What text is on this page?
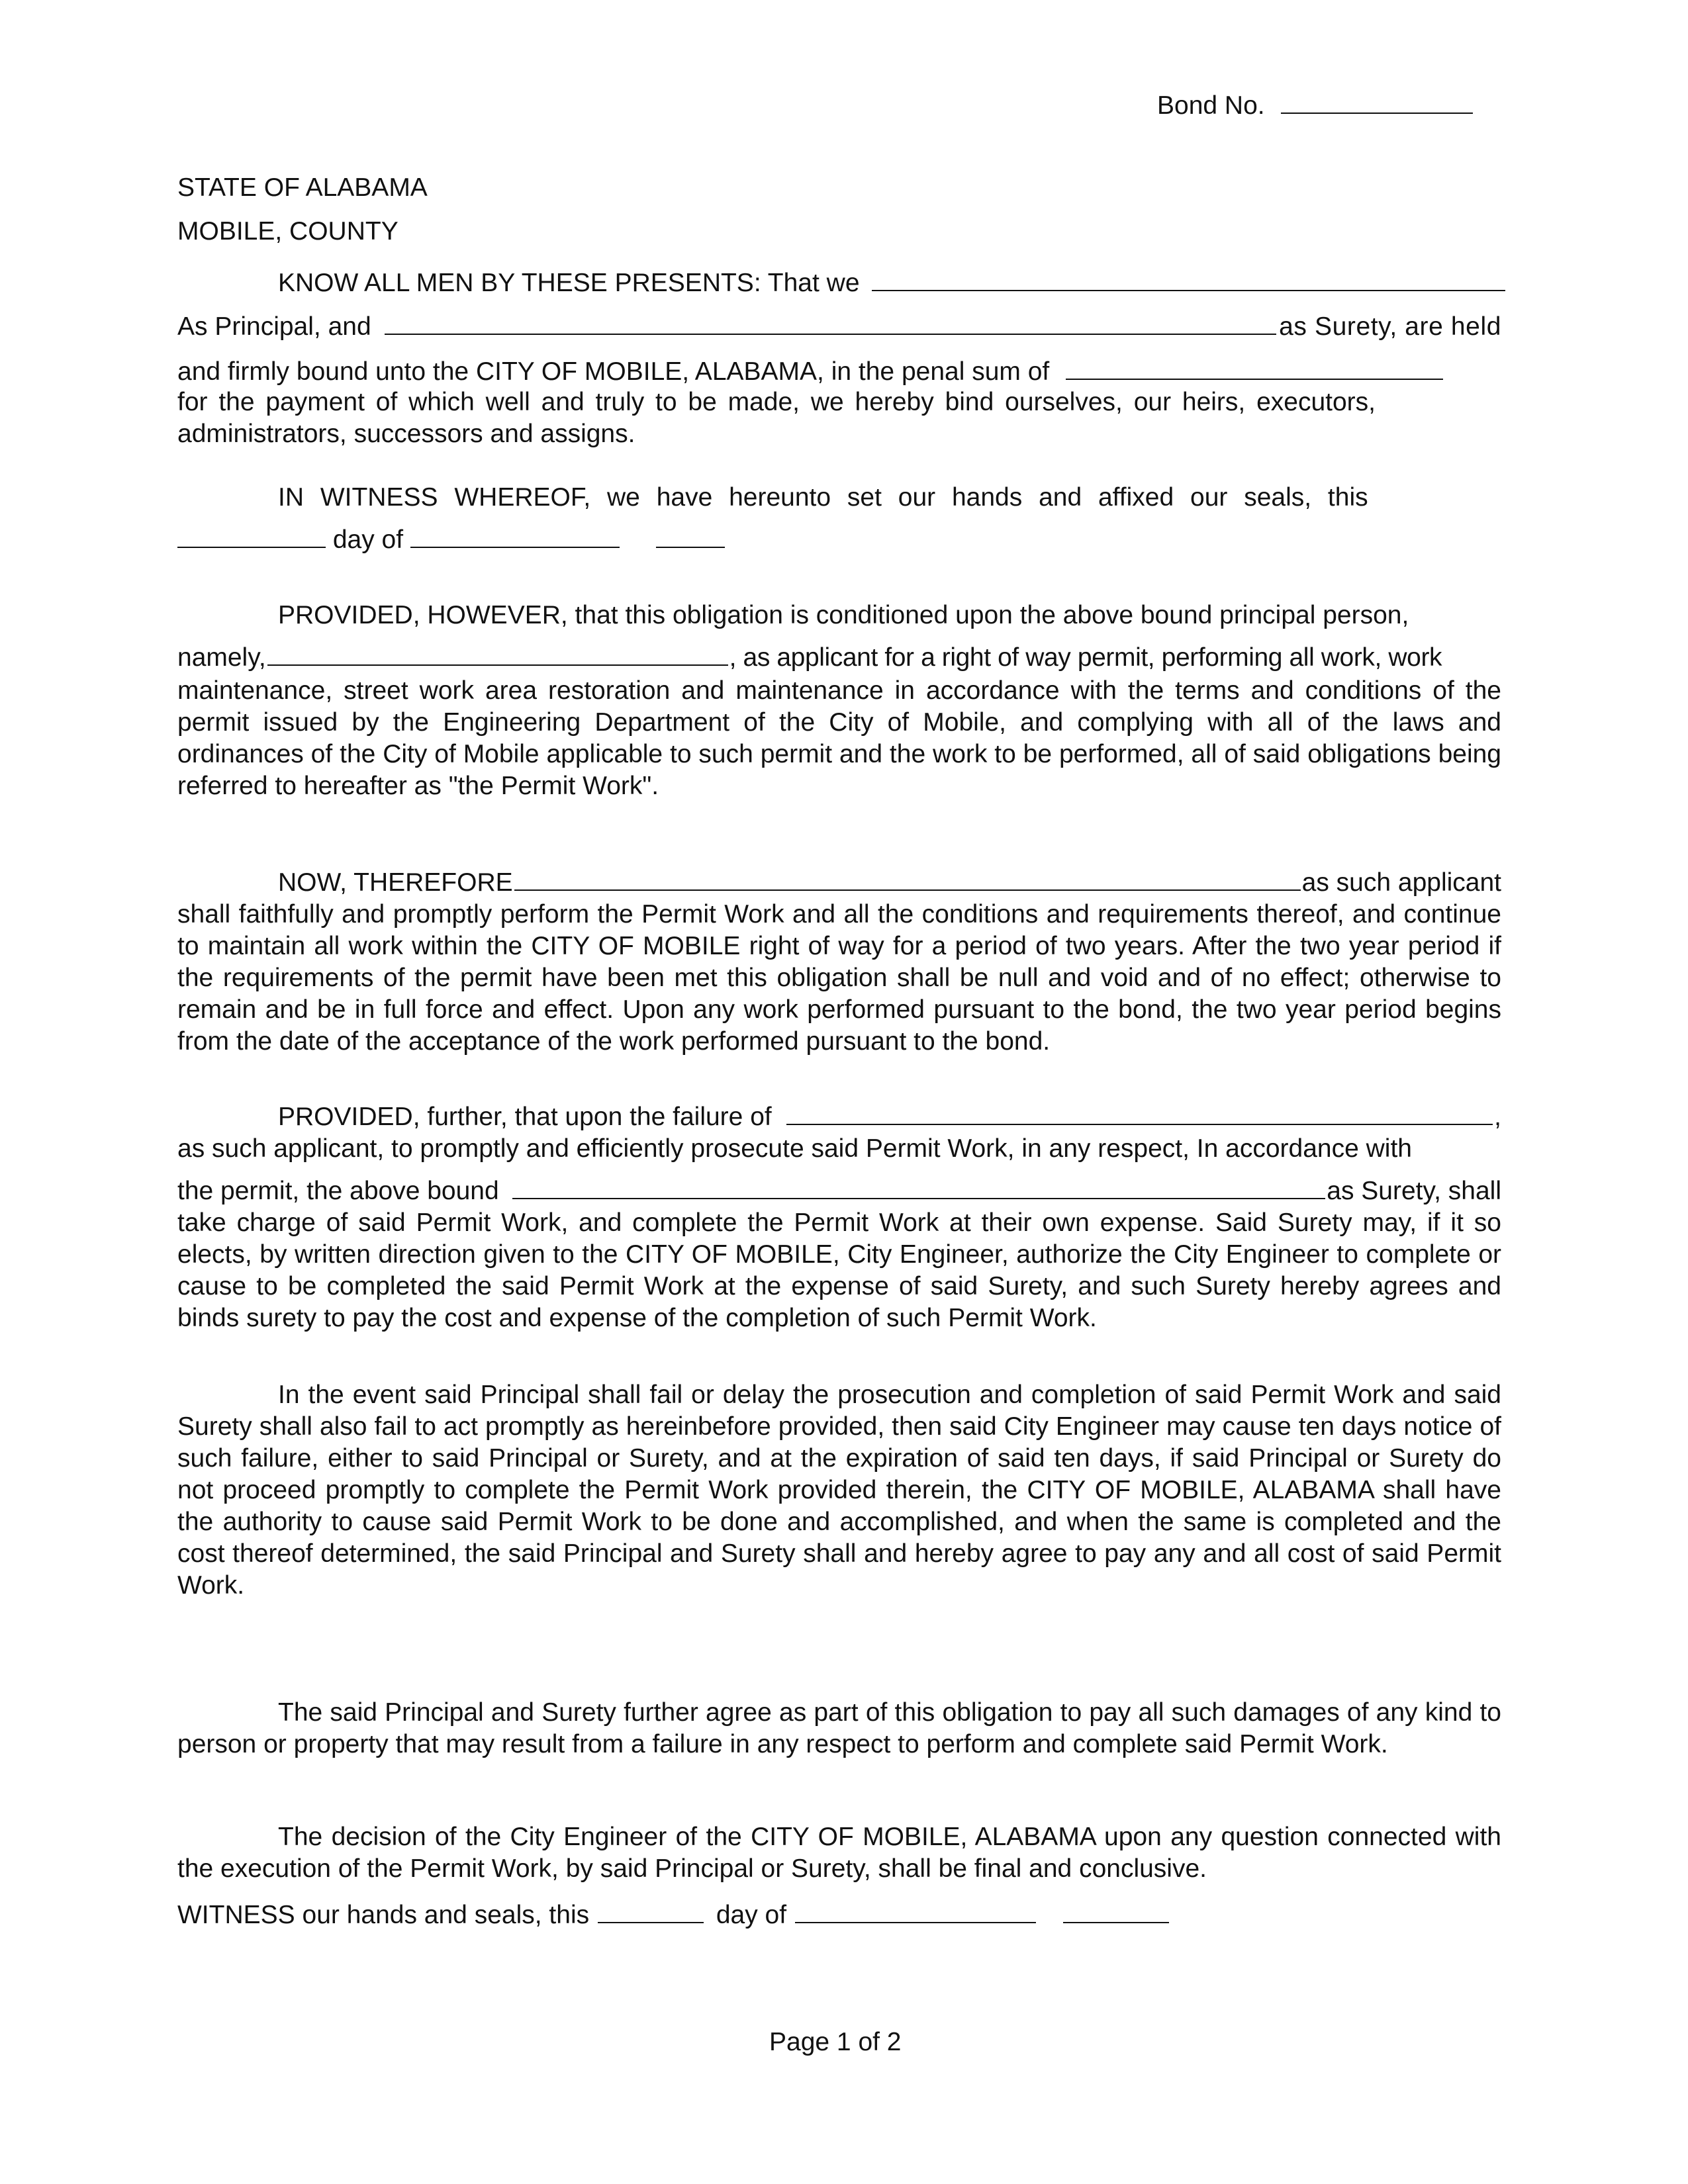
Bond No.
STATE OF ALABAMA
MOBILE, COUNTY
KNOW ALL MEN BY THESE PRESENTS: That we
As Principal, and	as Surety, are held
and firmly bound unto the CITY OF MOBILE, ALABAMA, in the penal sum of
for the payment of which well and truly to be made, we hereby bind ourselves, our heirs, executors, administrators, successors and assigns.
IN WITNESS WHEREOF, we have hereunto set our hands and affixed our seals, this
day of
PROVIDED, HOWEVER, that this obligation is conditioned upon the above bound principal person,
namely,	, as applicant for a right of way permit, performing all work, work
maintenance, street work area restoration and maintenance in accordance with the terms and conditions of the permit issued by the Engineering Department of the City of Mobile, and complying with all of the laws and ordinances of the City of Mobile applicable to such permit and the work to be performed, all of said obligations being referred to hereafter as "the Permit Work".
NOW, THEREFORE	as such applicant
shall faithfully and promptly perform the Permit Work and all the conditions and requirements thereof, and continue to maintain all work within the CITY OF MOBILE right of way for a period of two years. After the two year period if the requirements of the permit have been met this obligation shall be null and void and of no effect; otherwise to remain and be in full force and effect. Upon any work performed pursuant to the bond, the two year period begins from the date of the acceptance of the work performed pursuant to the bond.
PROVIDED, further, that upon the failure of	,
as such applicant, to promptly and efficiently prosecute said Permit Work, in any respect, In accordance with
the permit, the above bound	as Surety, shall
take charge of said Permit Work, and complete the Permit Work at their own expense. Said Surety may, if it so elects, by written direction given to the CITY OF MOBILE, City Engineer, authorize the City Engineer to complete or cause to be completed the said Permit Work at the expense of said Surety, and such Surety hereby agrees and binds surety to pay the cost and expense of the completion of such Permit Work.
In the event said Principal shall fail or delay the prosecution and completion of said Permit Work and said Surety shall also fail to act promptly as hereinbefore provided, then said City Engineer may cause ten days notice of such failure, either to said Principal or Surety, and at the expiration of said ten days, if said Principal or Surety do not proceed promptly to complete the Permit Work provided therein, the CITY OF MOBILE, ALABAMA shall have the authority to cause said Permit Work to be done and accomplished, and when the same is completed and the cost thereof determined, the said Principal and Surety shall and hereby agree to pay any and all cost of said Permit Work.
The said Principal and Surety further agree as part of this obligation to pay all such damages of any kind to person or property that may result from a failure in any respect to perform and complete said Permit Work.
The decision of the City Engineer of the CITY OF MOBILE, ALABAMA upon any question connected with the execution of the Permit Work, by said Principal or Surety, shall be final and conclusive.
WITNESS our hands and seals, this	day of
Page 1 of 2
